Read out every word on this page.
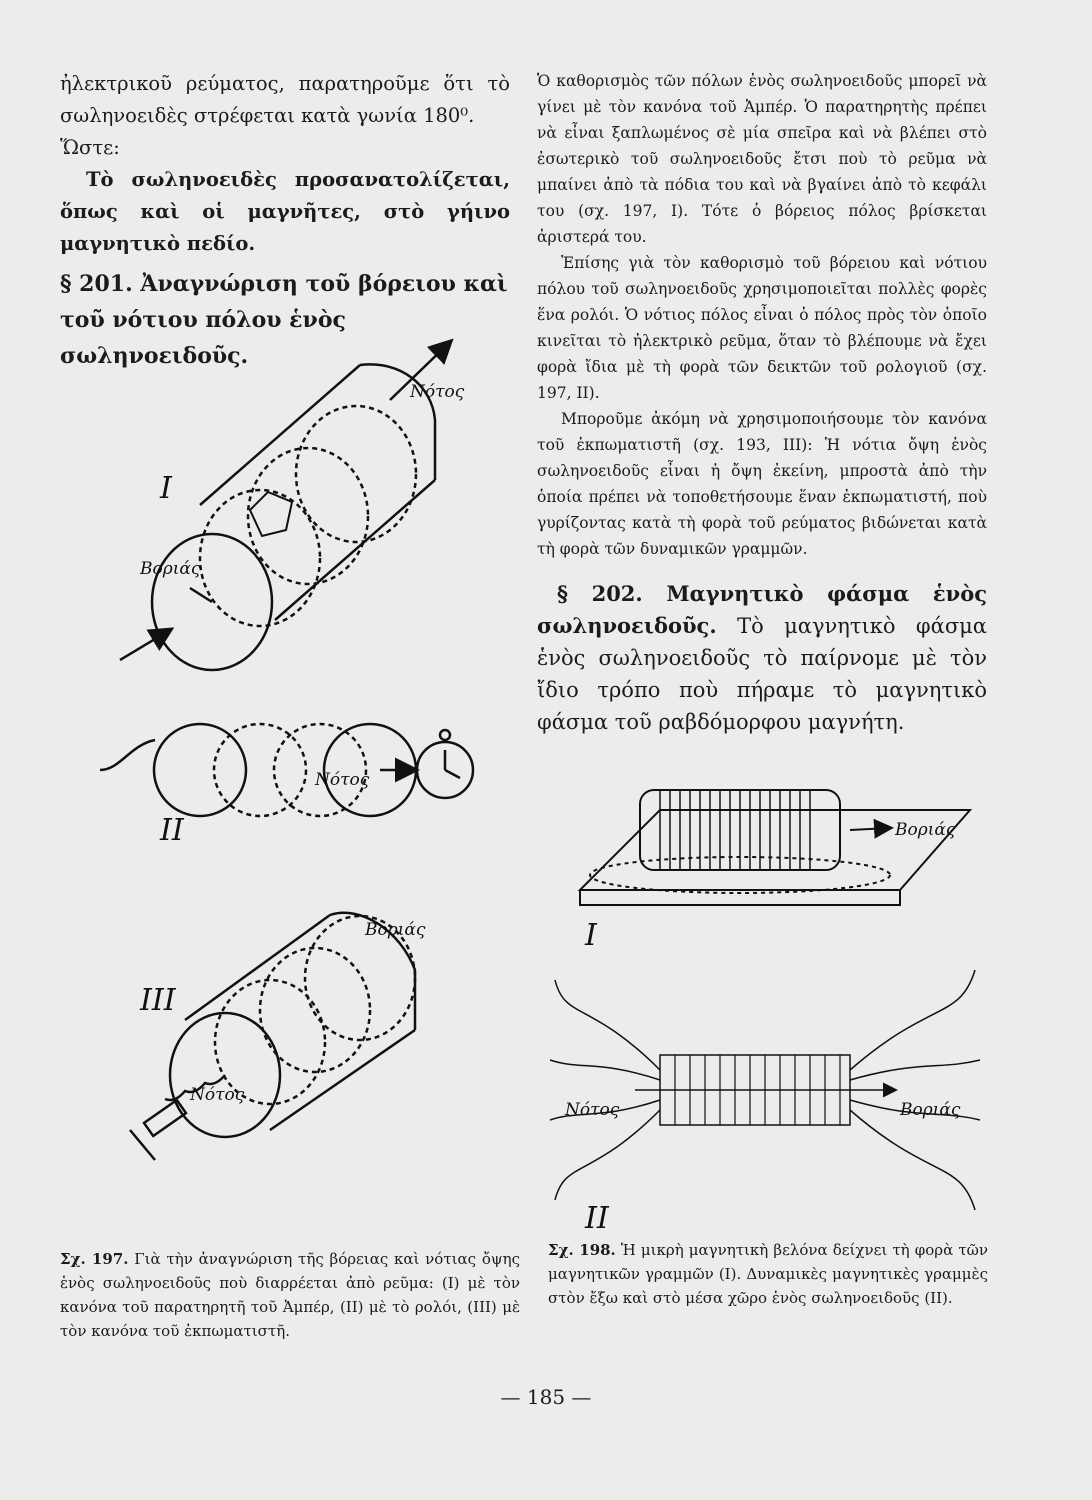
ἠλεκτρικοῦ ρεύματος, παρατηροῦμε ὅτι τὸ σωληνοειδὲς στρέφεται κατὰ γωνία 180⁰.

Ὥστε:

Τὸ σωληνοειδὲς προσανατολίζεται, ὅπως καὶ οἱ μαγνῆτες, στὸ γήινο μαγνητικὸ πεδίο.

§ 201. Ἀναγνώριση τοῦ βόρειου καὶ τοῦ νότιου πόλου ἑνὸς σωληνοειδοῦς.

Ὁ καθορισμὸς τῶν πόλων ἑνὸς σωληνοειδοῦς μπορεῖ νὰ γίνει μὲ τὸν κανόνα τοῦ Ἀμπέρ. Ὁ παρατηρητὴς πρέπει νὰ εἶναι ξαπλωμένος σὲ μία σπεῖρα καὶ νὰ βλέπει στὸ ἐσωτερικὸ τοῦ σωληνοειδοῦς ἔτσι ποὺ τὸ ρεῦμα νὰ μπαίνει ἀπὸ τὰ πόδια του καὶ νὰ βγαίνει ἀπὸ τὸ κεφάλι του (σχ. 197, I). Τότε ὁ βόρειος πόλος βρίσκεται ἀριστερά του.

Ἐπίσης γιὰ τὸν καθορισμὸ τοῦ βόρειου καὶ νότιου πόλου τοῦ σωληνοειδοῦς χρησιμοποιεῖται πολλὲς φορὲς ἕνα ρολόι. Ὁ νότιος πόλος εἶναι ὁ πόλος πρὸς τὸν ὁποῖο κινεῖται τὸ ἠλεκτρικὸ ρεῦμα, ὅταν τὸ βλέπουμε νὰ ἔχει φορὰ ἴδια μὲ τὴ φορὰ τῶν δεικτῶν τοῦ ρολογιοῦ (σχ. 197, II).

Μποροῦμε ἀκόμη νὰ χρησιμοποιήσουμε τὸν κανόνα τοῦ ἐκπωματιστῆ (σχ. 193, III): Ἡ νότια ὄψη ἑνὸς σωληνοειδοῦς εἶναι ἡ ὄψη ἐκείνη, μπροστὰ ἀπὸ τὴν ὁποία πρέπει νὰ τοποθετήσουμε ἕναν ἐκπωματιστή, ποὺ γυρίζοντας κατὰ τὴ φορὰ τοῦ ρεύματος βιδώνεται κατὰ τὴ φορὰ τῶν δυναμικῶν γραμμῶν.

§ 202. Μαγνητικὸ φάσμα ἑνὸς σωληνοειδοῦς. Τὸ μαγνητικὸ φάσμα ἑνὸς σωληνοειδοῦς τὸ παίρνομε μὲ τὸν ἴδιο τρόπο ποὺ πήραμε τὸ μαγνητικὸ φάσμα τοῦ ραβδόμορφου μαγνήτη.

I
Νότος
Βοριάς
II
Νότος
III
Βοριάς
Νότος
I
Βοριάς
II
Νότος	Βοριάς
Σχ. 197. Γιὰ τὴν ἀναγνώριση τῆς βόρειας καὶ νότιας ὄψης ἑνὸς σωληνοειδοῦς ποὺ διαρρέεται ἀπὸ ρεῦμα: (I) μὲ τὸν κανόνα τοῦ παρατηρητῆ τοῦ Ἀμπέρ, (II) μὲ τὸ ρολόι, (III) μὲ τὸν κανόνα τοῦ ἐκπωματιστῆ.
Σχ. 198. Ἡ μικρὴ μαγνητικὴ βελόνα δείχνει τὴ φορὰ τῶν μαγνητικῶν γραμμῶν (I). Δυναμικὲς μαγνητικὲς γραμμὲς στὸν ἔξω καὶ στὸ μέσα χῶρο ἑνὸς σωληνοειδοῦς (II).
— 185 —
